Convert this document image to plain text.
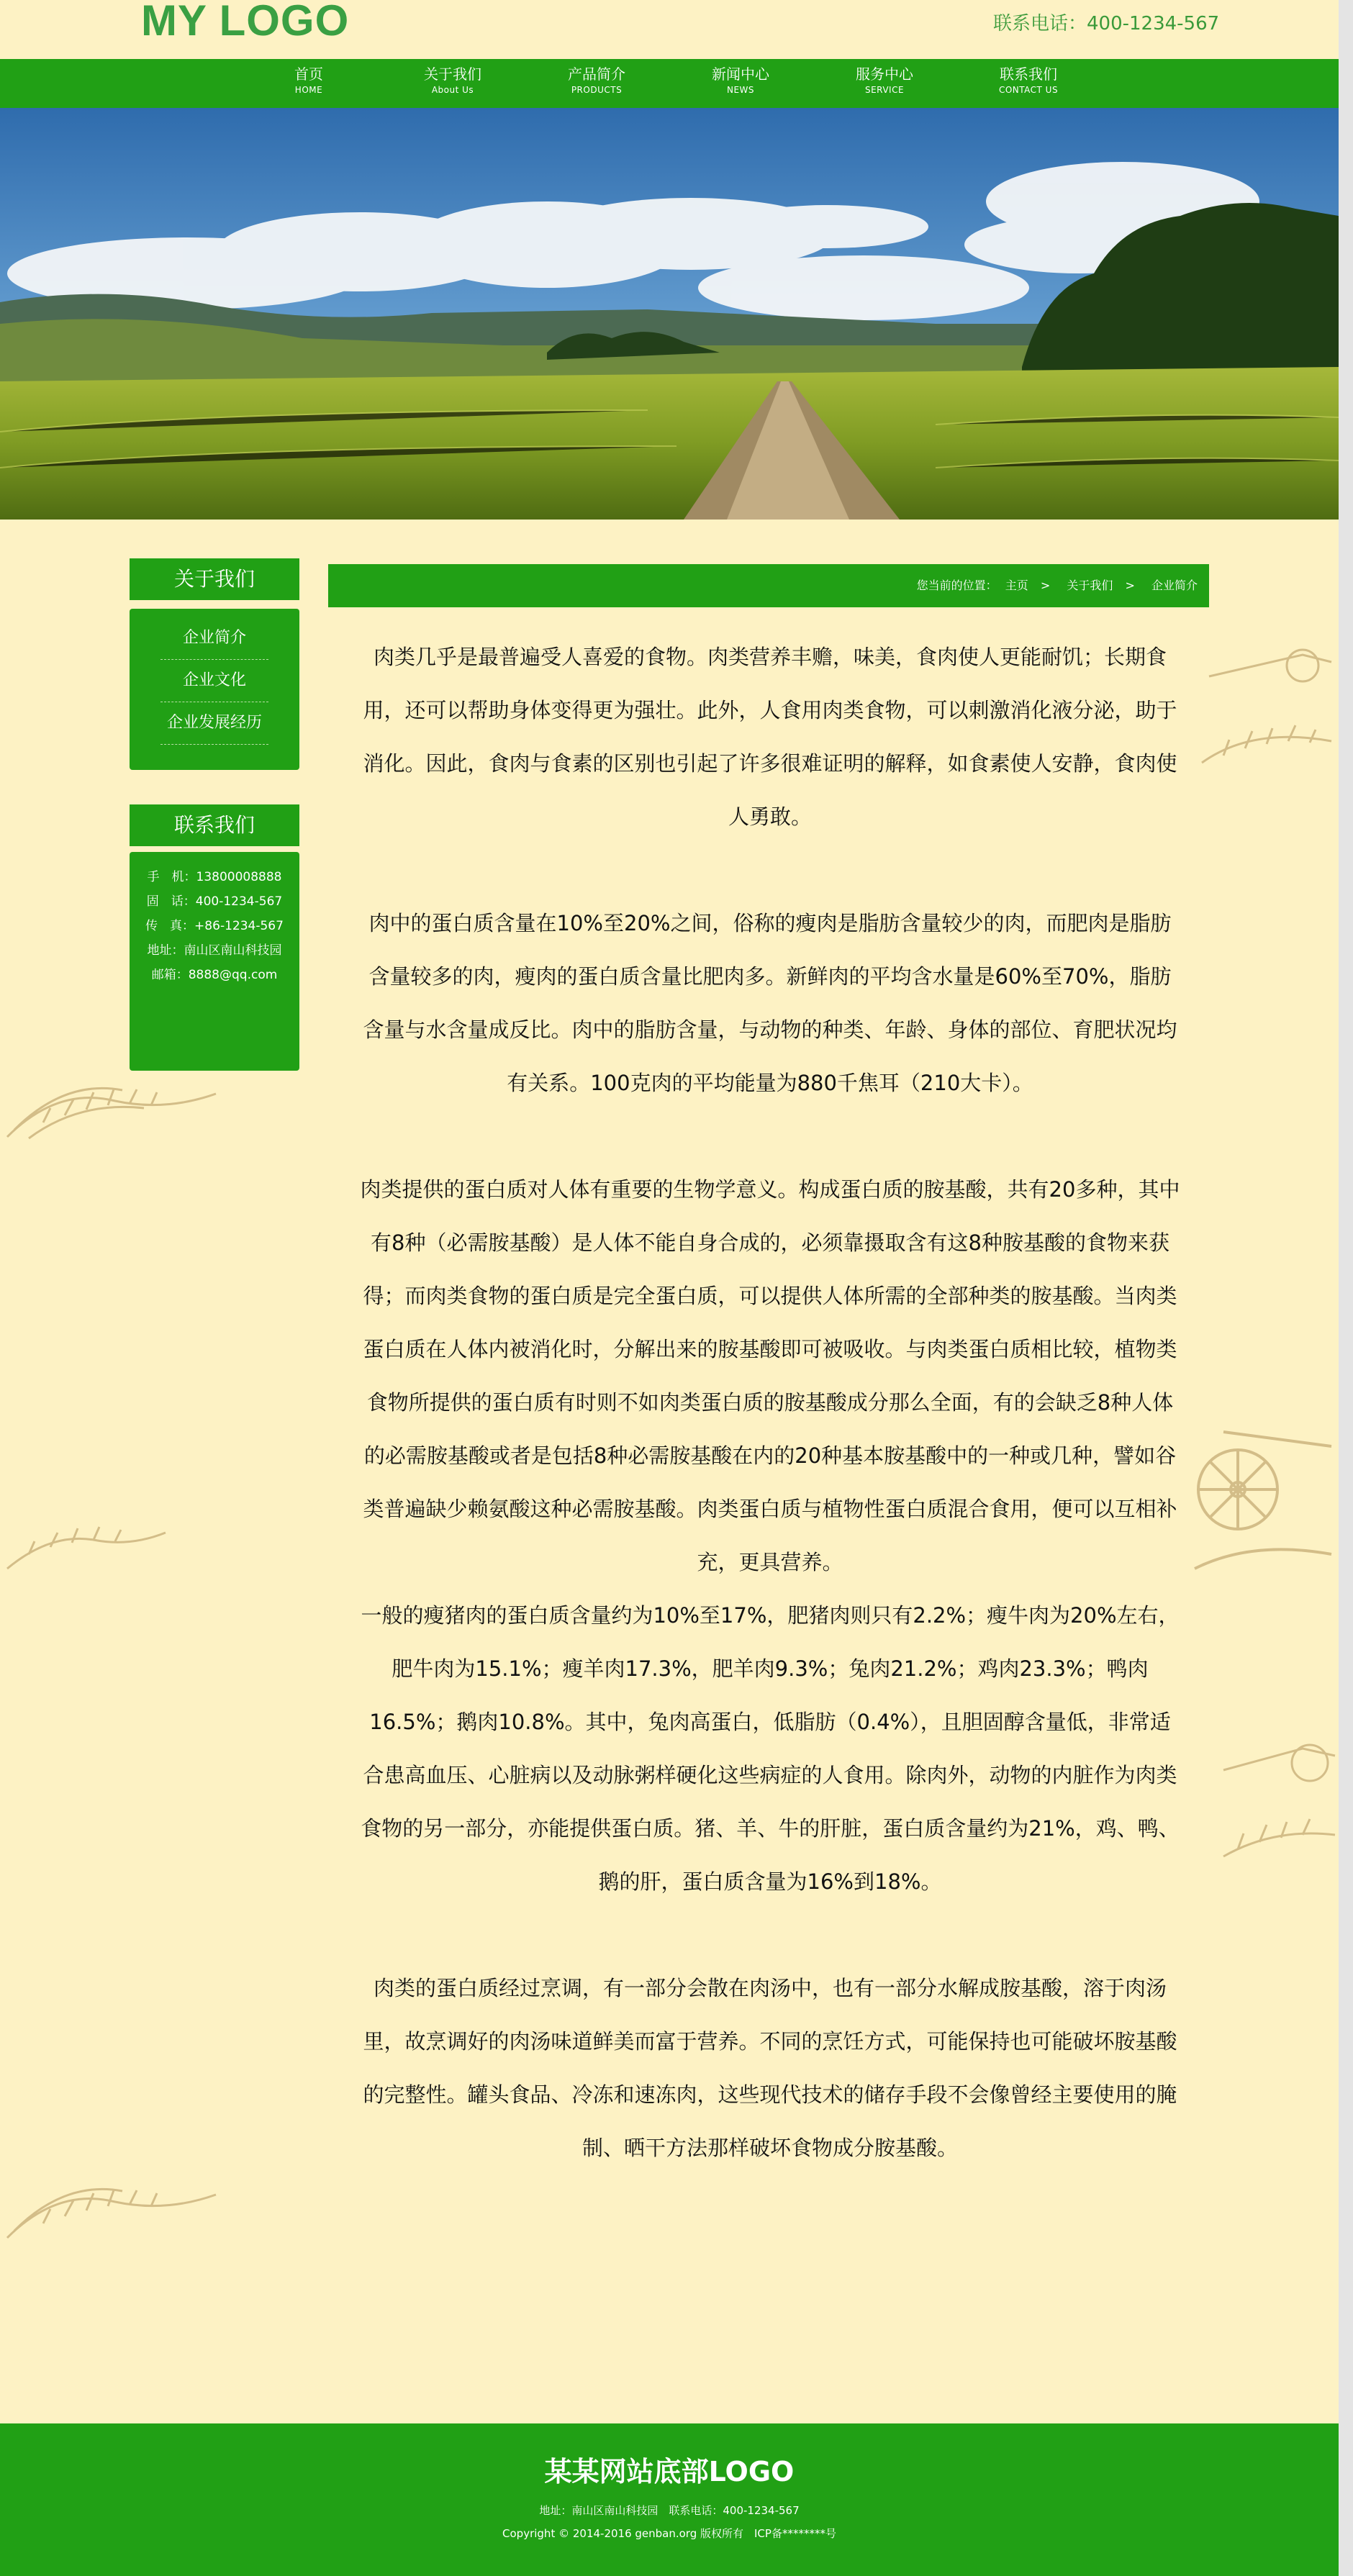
MY LOGO	联系电话：400-1234-567
首页
HOME
关于我们
About Us
产品简介
PRODUCTS
新闻中心
NEWS
服务中心
SERVICE
联系我们
CONTACT US
关于我们
企业简介
企业文化
企业发展经历
联系我们
手　机：13800008888
固　话：400-1234-567
传　真：+86-1234-567
地址：南山区南山科技园
邮箱：8888@qq.com
您当前的位置： 主页 > 关于我们 > 企业简介

肉类几乎是最普遍受人喜爱的食物。肉类营养丰赡，味美，食肉使人更能耐饥；长期食用，还可以帮助身体变得更为强壮。此外，人食用肉类食物，可以刺激消化液分泌，助于消化。因此，食肉与食素的区别也引起了许多很难证明的解释，如食素使人安静，食肉使人勇敢。

肉中的蛋白质含量在10%至20%之间，俗称的瘦肉是脂肪含量较少的肉，而肥肉是脂肪含量较多的肉，瘦肉的蛋白质含量比肥肉多。新鲜肉的平均含水量是60%至70%，脂肪含量与水含量成反比。肉中的脂肪含量，与动物的种类、年龄、身体的部位、育肥状况均有关系。100克肉的平均能量为880千焦耳（210大卡）。

肉类提供的蛋白质对人体有重要的生物学意义。构成蛋白质的胺基酸，共有20多种，其中有8种（必需胺基酸）是人体不能自身合成的，必须靠摄取含有这8种胺基酸的食物来获得；而肉类食物的蛋白质是完全蛋白质，可以提供人体所需的全部种类的胺基酸。当肉类蛋白质在人体内被消化时，分解出来的胺基酸即可被吸收。与肉类蛋白质相比较，植物类食物所提供的蛋白质有时则不如肉类蛋白质的胺基酸成分那么全面，有的会缺乏8种人体的必需胺基酸或者是包括8种必需胺基酸在内的20种基本胺基酸中的一种或几种，譬如谷类普遍缺少赖氨酸这种必需胺基酸。肉类蛋白质与植物性蛋白质混合食用，便可以互相补充，更具营养。

一般的瘦猪肉的蛋白质含量约为10%至17%，肥猪肉则只有2.2%；瘦牛肉为20%左右，肥牛肉为15.1%；瘦羊肉17.3%，肥羊肉9.3%；兔肉21.2%；鸡肉23.3%；鸭肉16.5%；鹅肉10.8%。其中，兔肉高蛋白，低脂肪（0.4%），且胆固醇含量低，非常适合患高血压、心脏病以及动脉粥样硬化这些病症的人食用。除肉外，动物的内脏作为肉类食物的另一部分，亦能提供蛋白质。猪、羊、牛的肝脏，蛋白质含量约为21%，鸡、鸭、鹅的肝，蛋白质含量为16%到18%。

肉类的蛋白质经过烹调，有一部分会散在肉汤中，也有一部分水解成胺基酸，溶于肉汤里，故烹调好的肉汤味道鲜美而富于营养。不同的烹饪方式，可能保持也可能破坏胺基酸的完整性。罐头食品、冷冻和速冻肉，这些现代技术的储存手段不会像曾经主要使用的腌制、晒干方法那样破坏食物成分胺基酸。

某某网站底部LOGO
地址：南山区南山科技园　联系电话：400-1234-567
Copyright © 2014-2016 genban.org 版权所有　ICP备********号
